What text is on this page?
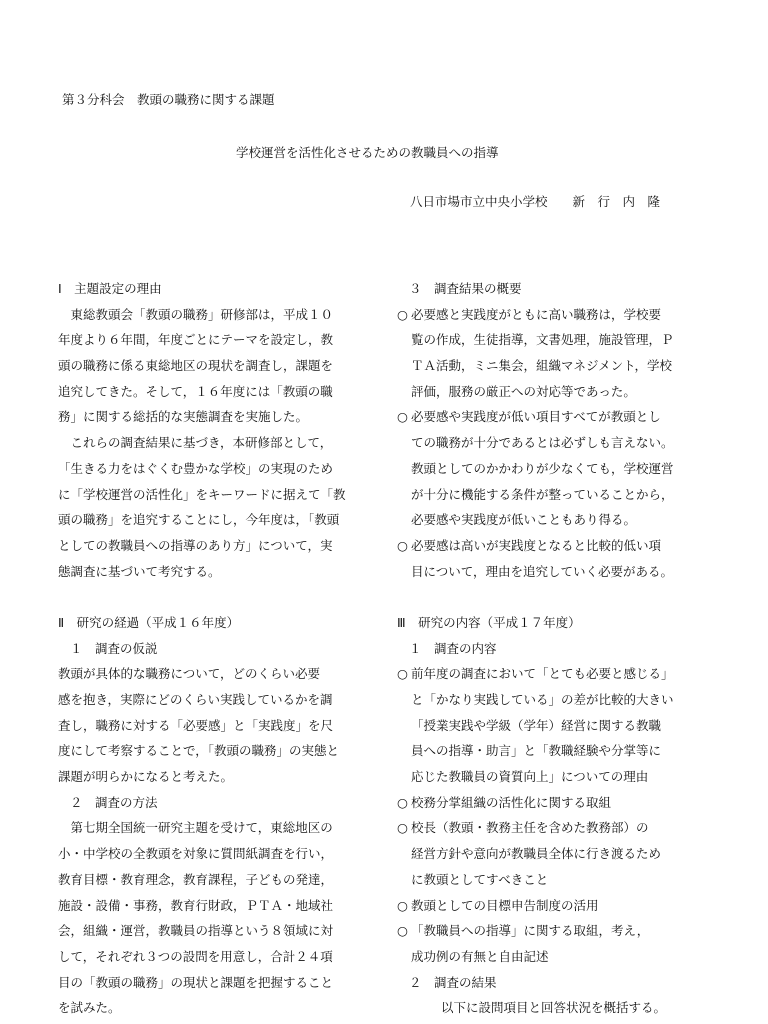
第３分科会　教頭の職務に関する課題
学校運営を活性化させるための教職員への指導
八日市場市立中央小学校　　新　行　内　隆
Ⅰ　主題設定の理由
　東総教頭会「教頭の職務」研修部は，平成１０
年度より６年間，年度ごとにテーマを設定し，教
頭の職務に係る東総地区の現状を調査し，課題を
追究してきた。そして，１６年度には「教頭の職
務」に関する総括的な実態調査を実施した。
　これらの調査結果に基づき，本研修部として，
「生きる力をはぐくむ豊かな学校」の実現のため
に「学校運営の活性化」をキーワードに据えて「教
頭の職務」を追究することにし，今年度は，「教頭
としての教職員への指導のあり方」について，実
態調査に基づいて考究する。
Ⅱ　研究の経過（平成１６年度）
１　調査の仮説
教頭が具体的な職務について，どのくらい必要
感を抱き，実際にどのくらい実践しているかを調
査し，職務に対する「必要感」と「実践度」を尺
度にして考察することで，「教頭の職務」の実態と
課題が明らかになると考えた。
２　調査の方法
　第七期全国統一研究主題を受けて，東総地区の
小・中学校の全教頭を対象に質問紙調査を行い，
教育目標・教育理念，教育課程，子どもの発達，
施設・設備・事務，教育行財政，ＰＴＡ・地域社
会，組織・運営，教職員の指導という８領域に対
して，それぞれ３つの設問を用意し，合計２４項
目の「教頭の職務」の現状と課題を把握すること
を試みた。
３　調査結果の概要
○ 必要感と実践度がともに高い職務は，学校要
覧の作成，生徒指導，文書処理，施設管理，Ｐ
ＴＡ活動，ミニ集会，組織マネジメント，学校
評価，服務の厳正への対応等であった。
○ 必要感や実践度が低い項目すべてが教頭とし
ての職務が十分であるとは必ずしも言えない。
教頭としてのかかわりが少なくても，学校運営
が十分に機能する条件が整っていることから，
必要感や実践度が低いこともあり得る。
○ 必要感は高いが実践度となると比較的低い項
目について，理由を追究していく必要がある。
Ⅲ　研究の内容（平成１７年度）
１　調査の内容
○ 前年度の調査において「とても必要と感じる」
と「かなり実践している」の差が比較的大きい
「授業実践や学級（学年）経営に関する教職
員への指導・助言」と「教職経験や分掌等に
応じた教職員の資質向上」についての理由
○ 校務分掌組織の活性化に関する取組
○ 校長（教頭・教務主任を含めた教務部）の
経営方針や意向が教職員全体に行き渡るため
に教頭としてすべきこと
○ 教頭としての目標申告制度の活用
○ 「教職員への指導」に関する取組，考え，
成功例の有無と自由記述
２　調査の結果
以下に設問項目と回答状況を概括する。
